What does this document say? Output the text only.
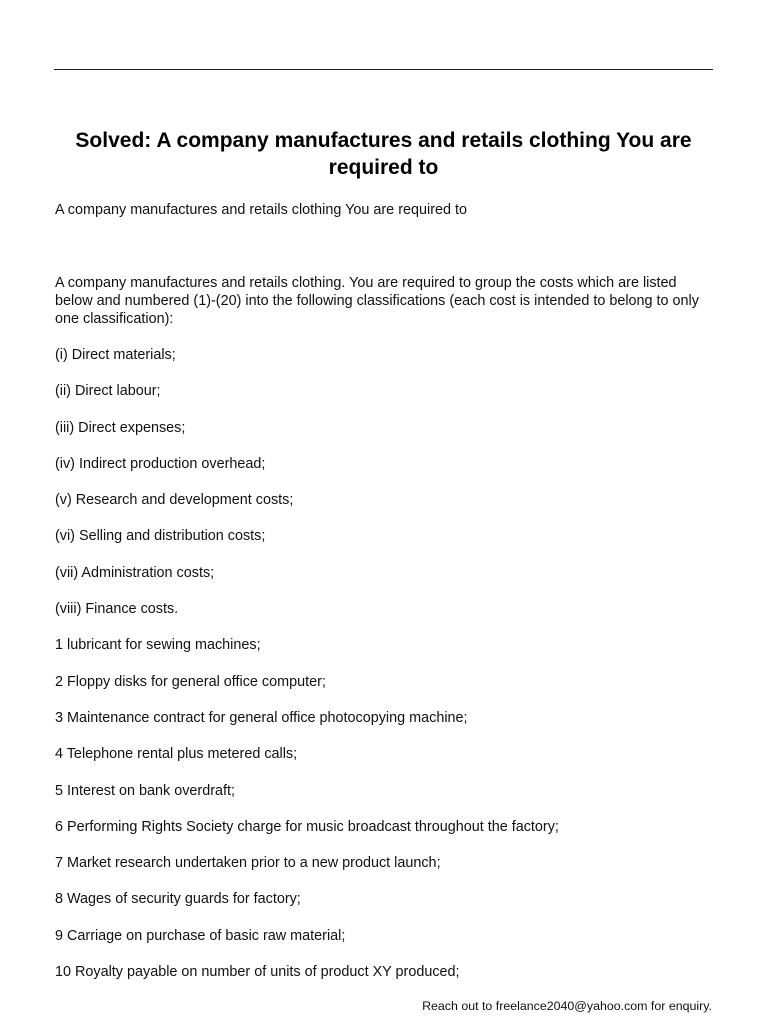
Solved: A company manufactures and retails clothing You are required to

A company manufactures and retails clothing You are required to

A company manufactures and retails clothing. You are required to group the costs which are listed below and numbered (1)-(20) into the following classifications (each cost is intended to belong to only one classification):

(i) Direct materials;
(ii) Direct labour;
(iii) Direct expenses;
(iv) Indirect production overhead;
(v) Research and development costs;
(vi) Selling and distribution costs;
(vii) Administration costs;
(viii) Finance costs.
1 lubricant for sewing machines;
2 Floppy disks for general office computer;
3 Maintenance contract for general office photocopying machine;
4 Telephone rental plus metered calls;
5 Interest on bank overdraft;
6 Performing Rights Society charge for music broadcast throughout the factory;
7 Market research undertaken prior to a new product launch;
8 Wages of security guards for factory;
9 Carriage on purchase of basic raw material;
10 Royalty payable on number of units of product XY produced;

Reach out to freelance2040@yahoo.com for enquiry.
